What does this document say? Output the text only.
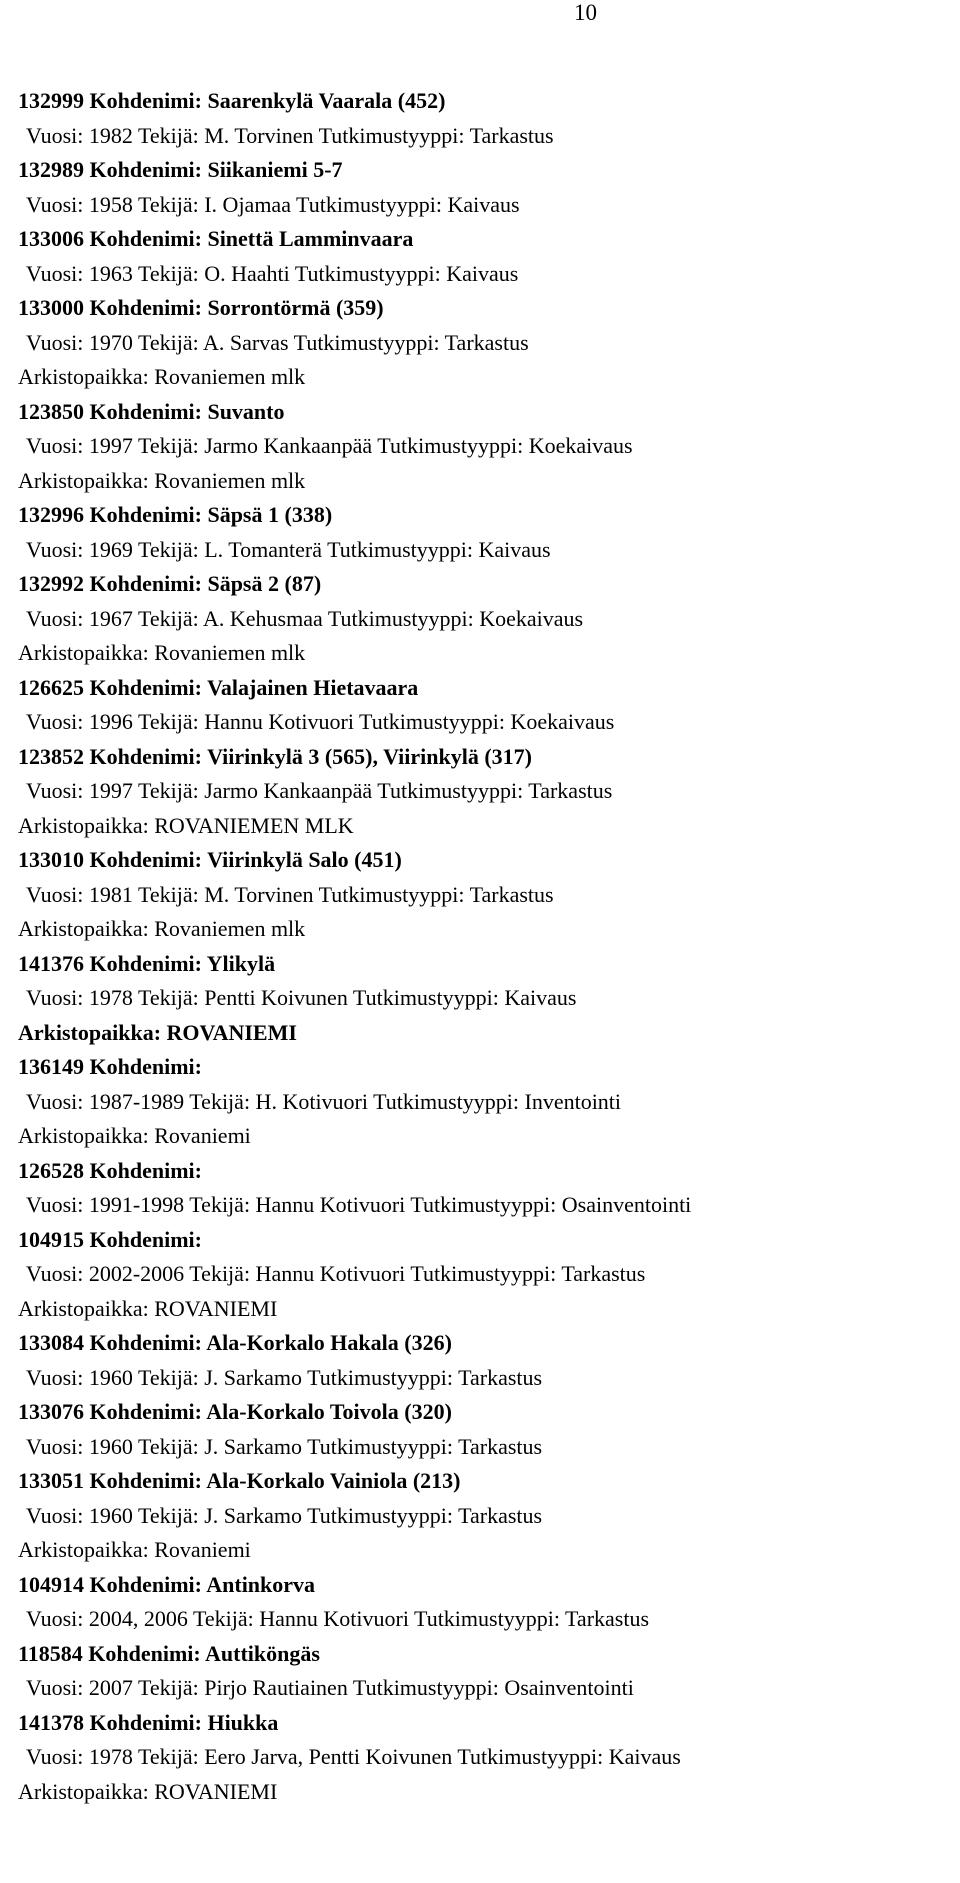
10
132999 Kohdenimi: Saarenkylä Vaarala (452)
Vuosi: 1982 Tekijä: M. Torvinen Tutkimustyyppi: Tarkastus
132989 Kohdenimi: Siikaniemi 5-7
Vuosi: 1958 Tekijä: I. Ojamaa Tutkimustyyppi: Kaivaus
133006 Kohdenimi: Sinettä Lamminvaara
Vuosi: 1963 Tekijä: O. Haahti Tutkimustyyppi: Kaivaus
133000 Kohdenimi: Sorrontörmä (359)
Vuosi: 1970 Tekijä: A. Sarvas Tutkimustyyppi: Tarkastus
Arkistopaikka: Rovaniemen mlk
123850 Kohdenimi: Suvanto
Vuosi: 1997 Tekijä: Jarmo Kankaanpää Tutkimustyyppi: Koekaivaus
Arkistopaikka: Rovaniemen mlk
132996 Kohdenimi: Säpsä 1 (338)
Vuosi: 1969 Tekijä: L. Tomanterä Tutkimustyyppi: Kaivaus
132992 Kohdenimi: Säpsä 2 (87)
Vuosi: 1967 Tekijä: A. Kehusmaa Tutkimustyyppi: Koekaivaus
Arkistopaikka: Rovaniemen mlk
126625 Kohdenimi: Valajainen Hietavaara
Vuosi: 1996 Tekijä: Hannu Kotivuori Tutkimustyyppi: Koekaivaus
123852 Kohdenimi: Viirinkylä 3 (565), Viirinkylä (317)
Vuosi: 1997 Tekijä: Jarmo Kankaanpää Tutkimustyyppi: Tarkastus
Arkistopaikka: ROVANIEMEN MLK
133010 Kohdenimi: Viirinkylä Salo (451)
Vuosi: 1981 Tekijä: M. Torvinen Tutkimustyyppi: Tarkastus
Arkistopaikka: Rovaniemen mlk
141376 Kohdenimi: Ylikylä
Vuosi: 1978 Tekijä: Pentti Koivunen Tutkimustyyppi: Kaivaus
Arkistopaikka: ROVANIEMI
136149 Kohdenimi:
Vuosi: 1987-1989 Tekijä: H. Kotivuori Tutkimustyyppi: Inventointi
Arkistopaikka: Rovaniemi
126528 Kohdenimi:
Vuosi: 1991-1998 Tekijä: Hannu Kotivuori Tutkimustyyppi: Osainventointi
104915 Kohdenimi:
Vuosi: 2002-2006 Tekijä: Hannu Kotivuori Tutkimustyyppi: Tarkastus
Arkistopaikka: ROVANIEMI
133084 Kohdenimi: Ala-Korkalo Hakala (326)
Vuosi: 1960 Tekijä: J. Sarkamo Tutkimustyyppi: Tarkastus
133076 Kohdenimi: Ala-Korkalo Toivola (320)
Vuosi: 1960 Tekijä: J. Sarkamo Tutkimustyyppi: Tarkastus
133051 Kohdenimi: Ala-Korkalo Vainiola (213)
Vuosi: 1960 Tekijä: J. Sarkamo Tutkimustyyppi: Tarkastus
Arkistopaikka: Rovaniemi
104914 Kohdenimi: Antinkorva
Vuosi: 2004, 2006 Tekijä: Hannu Kotivuori Tutkimustyyppi: Tarkastus
118584 Kohdenimi: Auttiköngäs
Vuosi: 2007 Tekijä: Pirjo Rautiainen Tutkimustyyppi: Osainventointi
141378 Kohdenimi: Hiukka
Vuosi: 1978 Tekijä: Eero Jarva, Pentti Koivunen Tutkimustyyppi: Kaivaus
Arkistopaikka: ROVANIEMI
